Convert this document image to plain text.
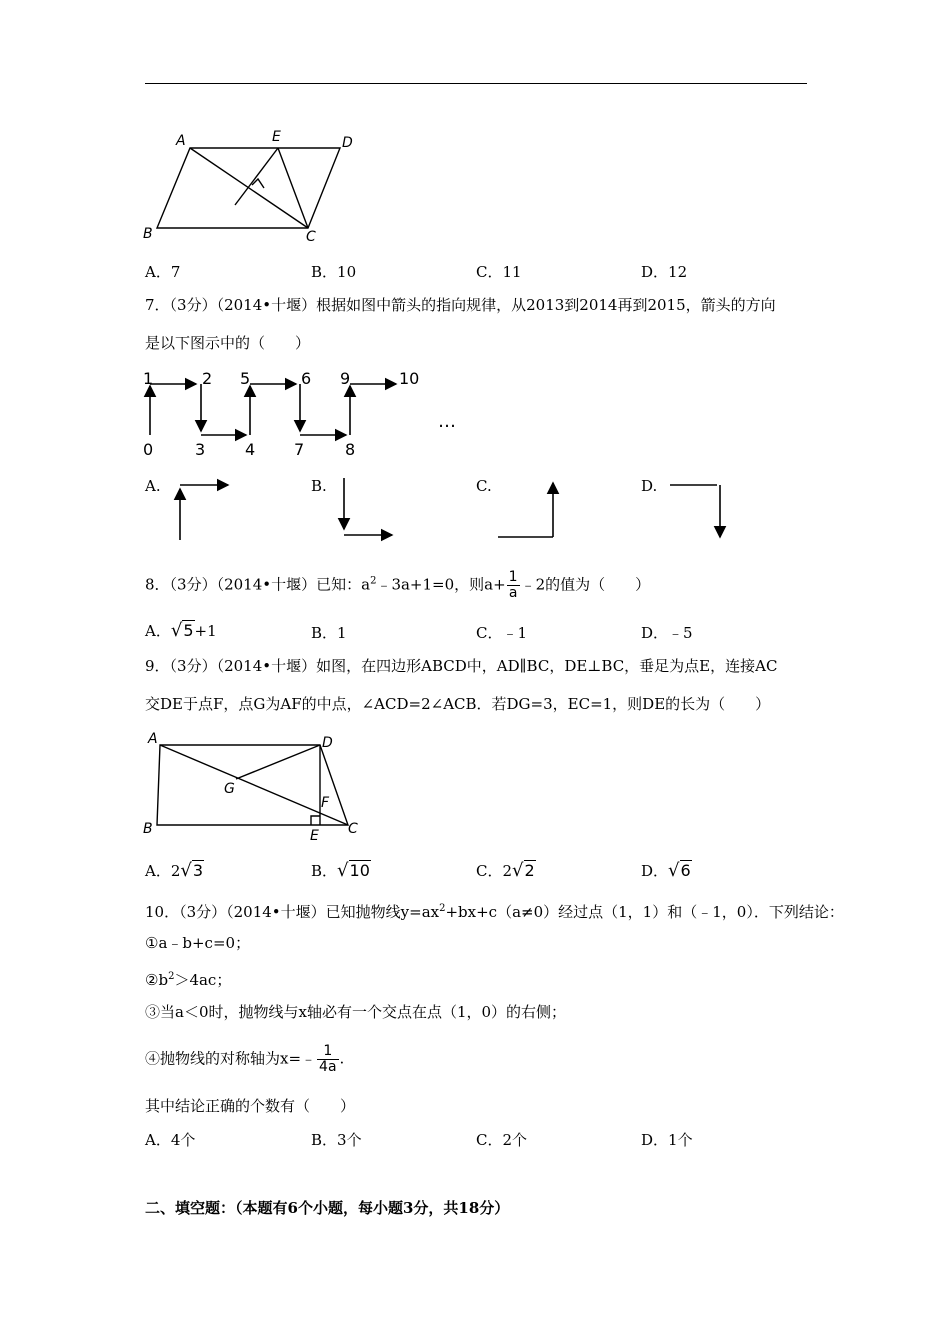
A	E	D
B	C
A．7	B．10	C．11	D．12
7．（3分）（2014•十堰）根据如图中箭头的指向规律，从2013到2014再到2015，箭头的方向
是以下图示中的（　　）
0
1	2
3 4
5	6
7	8
9	10
…
A.	B.	C.	D.
8．（3分）（2014•十堰）已知：$a^2﹣3a+1=0$，则$a+ \frac{1}{a}$ ﹣2的值为（　　）
A．√5+1	B．1	C．﹣1	D．﹣5
9．（3分）（2014•十堰）如图，在四边形ABCD中，AD∥BC，DE⊥BC，垂足为点E，连接AC
交DE于点F，点G为AF的中点，∠ACD=2∠ACB．若DG=3，EC=1，则DE的长为（　　）
A	D
G
F
B	E C
A．2√3	B．√10	C．2√2	D．√6
10．（3分）（2014•十堰）已知抛物线$y=ax^2+bx+c(a\ne 0)$经过点（1，1）和（﹣1，0）．下列结论：
①a﹣b+c=0；
$②b^2>4ac$；
③当a＜0时，抛物线与x轴必有一个交点在点（1，0）的右侧；
④抛物线的对称轴为x=﹣ $\frac{1}{4a}$ .
其中结论正确的个数有（　　）
A．4个	B．3个	C．2个	D．1个
二、填空题：（本题有6个小题，每小题3分，共18分）
